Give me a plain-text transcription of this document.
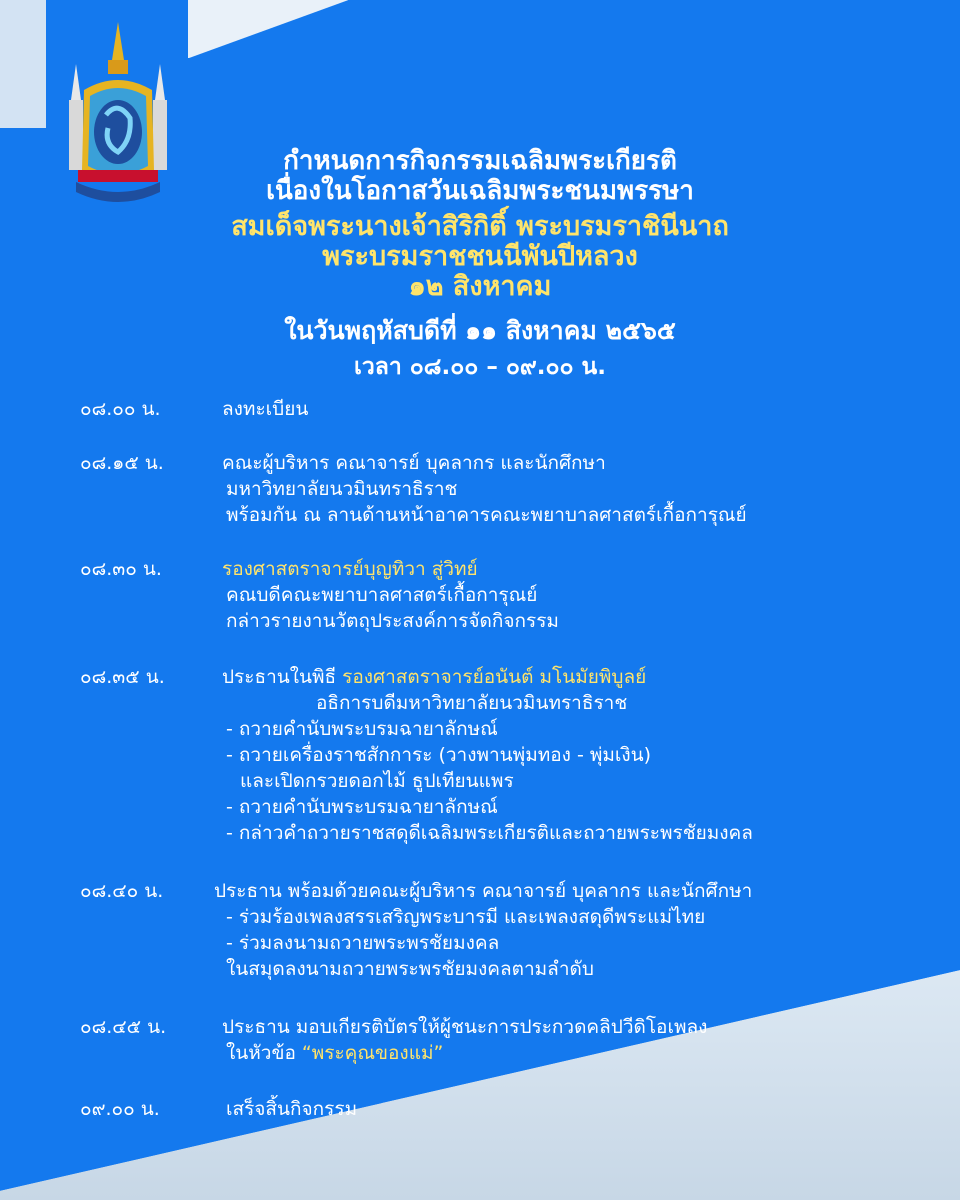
กำหนดการกิจกรรมเฉลิมพระเกียรติ
เนื่องในโอกาสวันเฉลิมพระชนมพรรษา
สมเด็จพระนางเจ้าสิริกิติ์ พระบรมราชินีนาถ
พระบรมราชชนนีพันปีหลวง
๑๒ สิงหาคม
ในวันพฤหัสบดีที่ ๑๑ สิงหาคม ๒๕๖๕
เวลา ๐๘.๐๐ – ๐๙.๐๐ น.
๐๘.๐๐ น.	ลงทะเบียน
๐๘.๑๕ น.	คณะผู้บริหาร คณาจารย์ บุคลากร และนักศึกษา
มหาวิทยาลัยนวมินทราธิราช
พร้อมกัน ณ ลานด้านหน้าอาคารคณะพยาบาลศาสตร์เกื้อการุณย์
๐๘.๓๐ น.	รองศาสตราจารย์บุญทิวา สู่วิทย์
คณบดีคณะพยาบาลศาสตร์เกื้อการุณย์
กล่าวรายงานวัตถุประสงค์การจัดกิจกรรม
๐๘.๓๕ น.	ประธานในพิธี รองศาสตราจารย์อนันต์ มโนมัยพิบูลย์
อธิการบดีมหาวิทยาลัยนวมินทราธิราช
- ถวายคำนับพระบรมฉายาลักษณ์
- ถวายเครื่องราชสักการะ (วางพานพุ่มทอง - พุ่มเงิน)
และเปิดกรวยดอกไม้ ธูปเทียนแพร
- ถวายคำนับพระบรมฉายาลักษณ์
- กล่าวคำถวายราชสดุดีเฉลิมพระเกียรติและถวายพระพรชัยมงคล
๐๘.๔๐ น.	ประธาน พร้อมด้วยคณะผู้บริหาร คณาจารย์ บุคลากร และนักศึกษา
- ร่วมร้องเพลงสรรเสริญพระบารมี และเพลงสดุดีพระแม่ไทย
- ร่วมลงนามถวายพระพรชัยมงคล
ในสมุดลงนามถวายพระพรชัยมงคลตามลำดับ
๐๘.๔๕ น.	ประธาน มอบเกียรติบัตรให้ผู้ชนะการประกวดคลิปวีดิโอเพลง
ในหัวข้อ “พระคุณของแม่”
๐๙.๐๐ น.	เสร็จสิ้นกิจกรรม
